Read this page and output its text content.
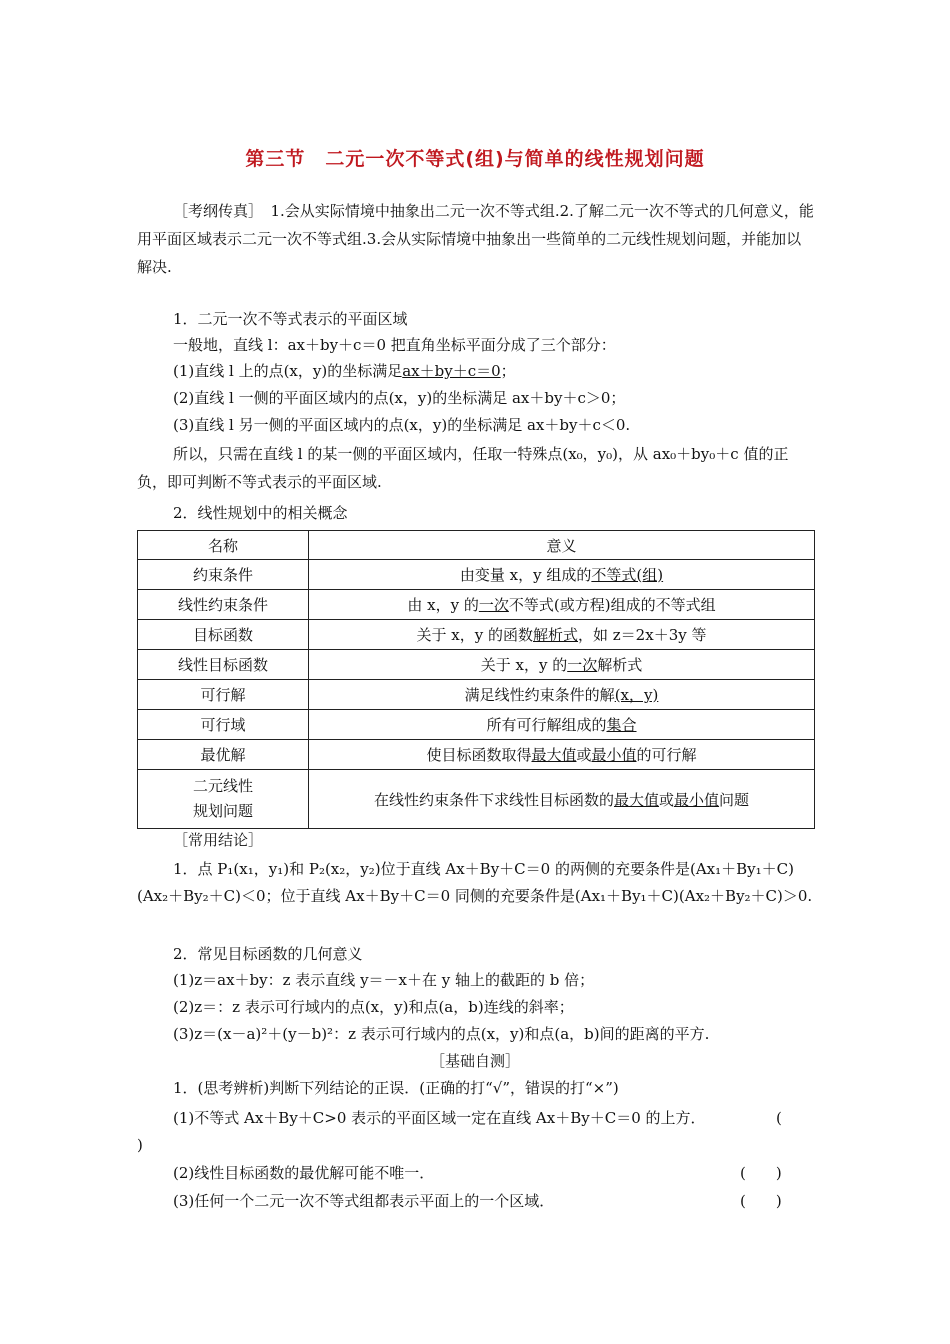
第三节　二元一次不等式(组)与简单的线性规划问题

［考纲传真］　1.会从实际情境中抽象出二元一次不等式组.2.了解二元一次不等式的几何意义，能用平面区域表示二元一次不等式组.3.会从实际情境中抽象出一些简单的二元线性规划问题，并能加以解决.

1．二元一次不等式表示的平面区域
一般地，直线 l：ax＋by＋c＝0 把直角坐标平面分成了三个部分：
(1)直线 l 上的点(x，y)的坐标满足ax＋by＋c＝0；
(2)直线 l 一侧的平面区域内的点(x，y)的坐标满足 ax＋by＋c＞0；
(3)直线 l 另一侧的平面区域内的点(x，y)的坐标满足 ax＋by＋c＜0.

所以，只需在直线 l 的某一侧的平面区域内，任取一特殊点(x₀，y₀)，从 ax₀＋by₀＋c 值的正负，即可判断不等式表示的平面区域.

2．线性规划中的相关概念
名称	意义
约束条件	由变量 x，y 组成的不等式(组)
线性约束条件	由 x，y 的一次不等式(或方程)组成的不等式组
目标函数	关于 x，y 的函数解析式，如 z＝2x＋3y 等
线性目标函数	关于 x，y 的一次解析式
可行解	满足线性约束条件的解(x，y)
可行域	所有可行解组成的集合
最优解	使目标函数取得最大值或最小值的可行解
二元线性
规划问题	在线性约束条件下求线性目标函数的最大值或最小值问题
［常用结论］

1．点 P₁(x₁，y₁)和 P₂(x₂，y₂)位于直线 Ax＋By＋C＝0 的两侧的充要条件是(Ax₁＋By₁＋C)(Ax₂＋By₂＋C)＜0；位于直线 Ax＋By＋C＝0 同侧的充要条件是(Ax₁＋By₁＋C)(Ax₂＋By₂＋C)＞0.

2．常见目标函数的几何意义
(1)z＝ax＋by：z 表示直线 y＝－x＋在 y 轴上的截距的 b 倍；
(2)z＝：z 表示可行域内的点(x，y)和点(a，b)连线的斜率；
(3)z＝(x－a)²＋(y－b)²：z 表示可行域内的点(x，y)和点(a，b)间的距离的平方.
［基础自测］
1．(思考辨析)判断下列结论的正误．(正确的打“√”，错误的打“×”)
(1)不等式 Ax＋By＋C>0 表示的平面区域一定在直线 Ax＋By＋C＝0 的上方．	(
)
(2)线性目标函数的最优解可能不唯一．	(　　)
(3)任何一个二元一次不等式组都表示平面上的一个区域．	(　　)
